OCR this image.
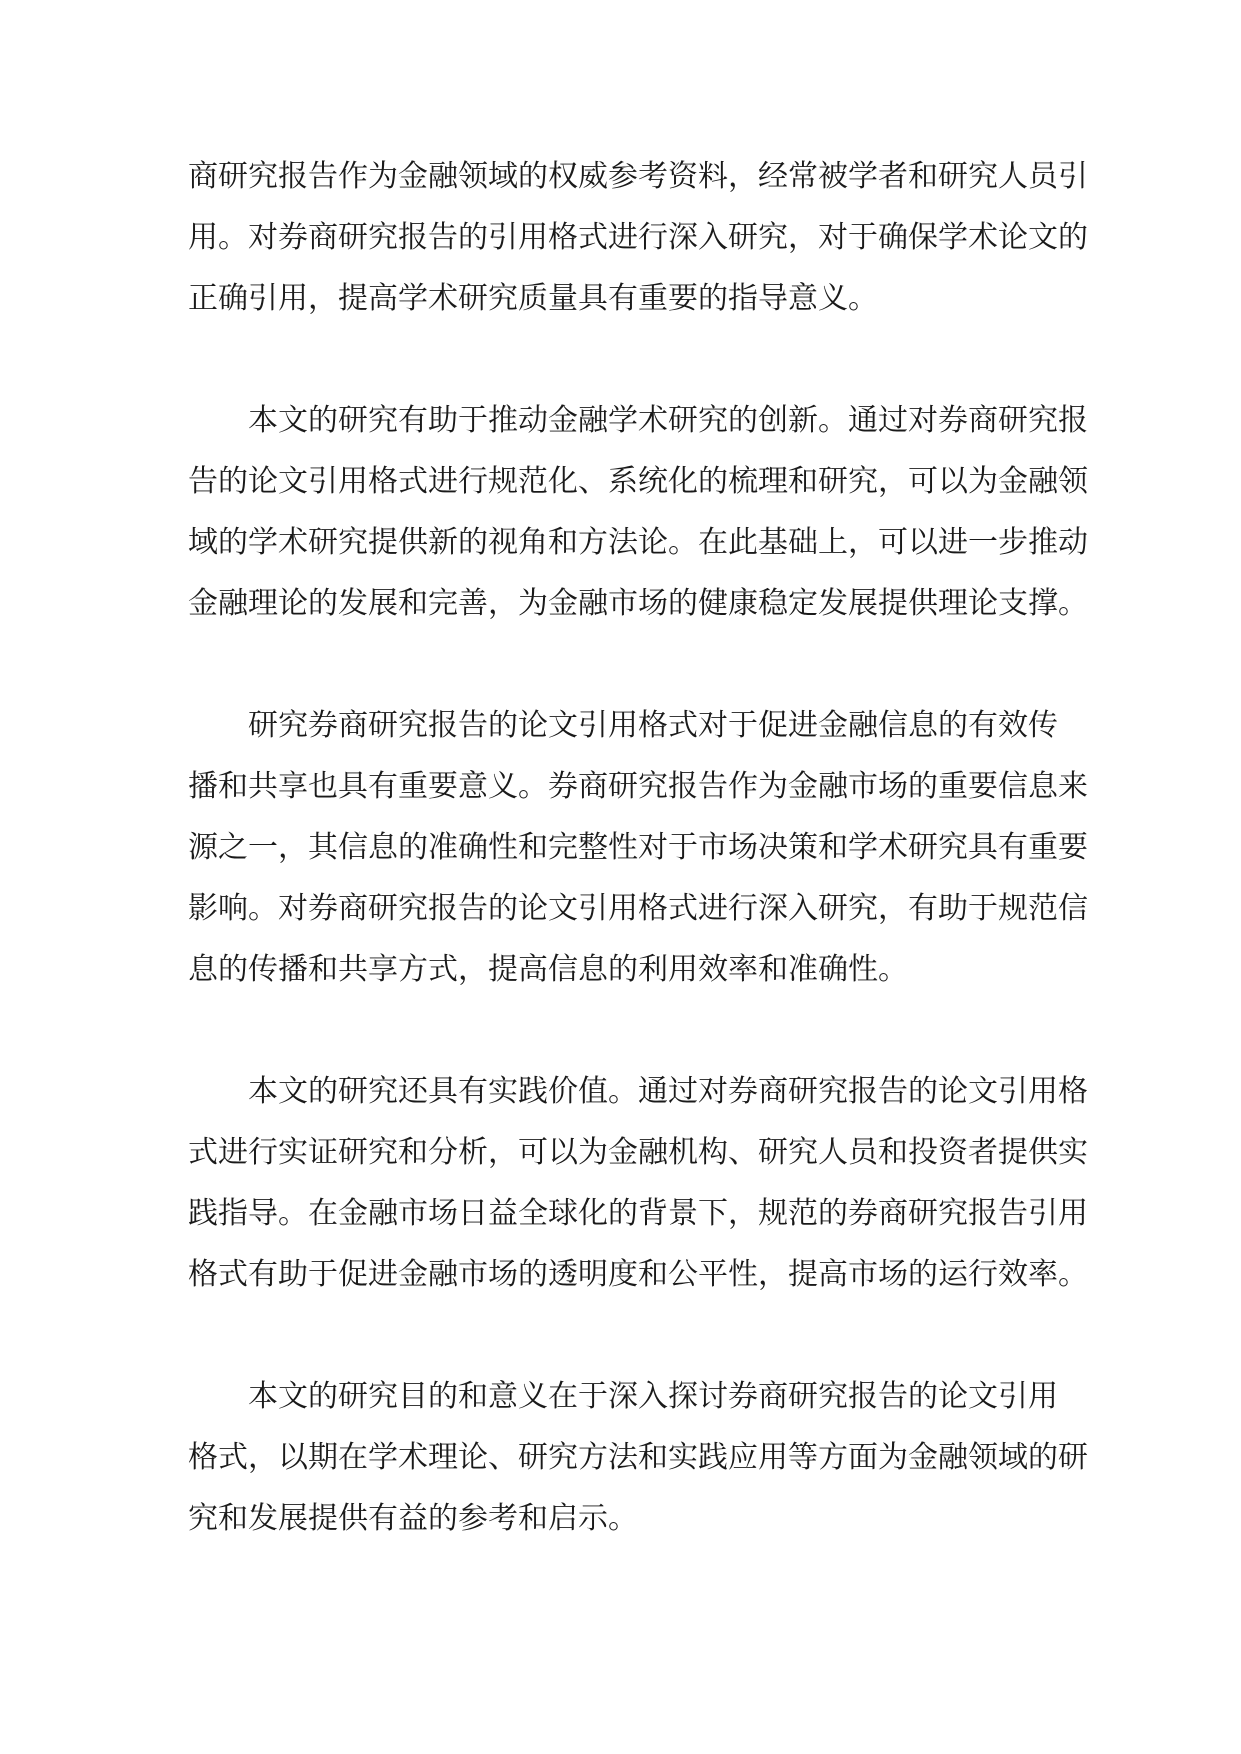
商研究报告作为金融领域的权威参考资料，经常被学者和研究人员引
用。对券商研究报告的引用格式进行深入研究，对于确保学术论文的
正确引用，提高学术研究质量具有重要的指导意义。
本文的研究有助于推动金融学术研究的创新。通过对券商研究报
告的论文引用格式进行规范化、系统化的梳理和研究，可以为金融领
域的学术研究提供新的视角和方法论。在此基础上，可以进一步推动
金融理论的发展和完善，为金融市场的健康稳定发展提供理论支撑。
研究券商研究报告的论文引用格式对于促进金融信息的有效传
播和共享也具有重要意义。券商研究报告作为金融市场的重要信息来
源之一，其信息的准确性和完整性对于市场决策和学术研究具有重要
影响。对券商研究报告的论文引用格式进行深入研究，有助于规范信
息的传播和共享方式，提高信息的利用效率和准确性。
本文的研究还具有实践价值。通过对券商研究报告的论文引用格
式进行实证研究和分析，可以为金融机构、研究人员和投资者提供实
践指导。在金融市场日益全球化的背景下，规范的券商研究报告引用
格式有助于促进金融市场的透明度和公平性，提高市场的运行效率。
本文的研究目的和意义在于深入探讨券商研究报告的论文引用
格式，以期在学术理论、研究方法和实践应用等方面为金融领域的研
究和发展提供有益的参考和启示。
